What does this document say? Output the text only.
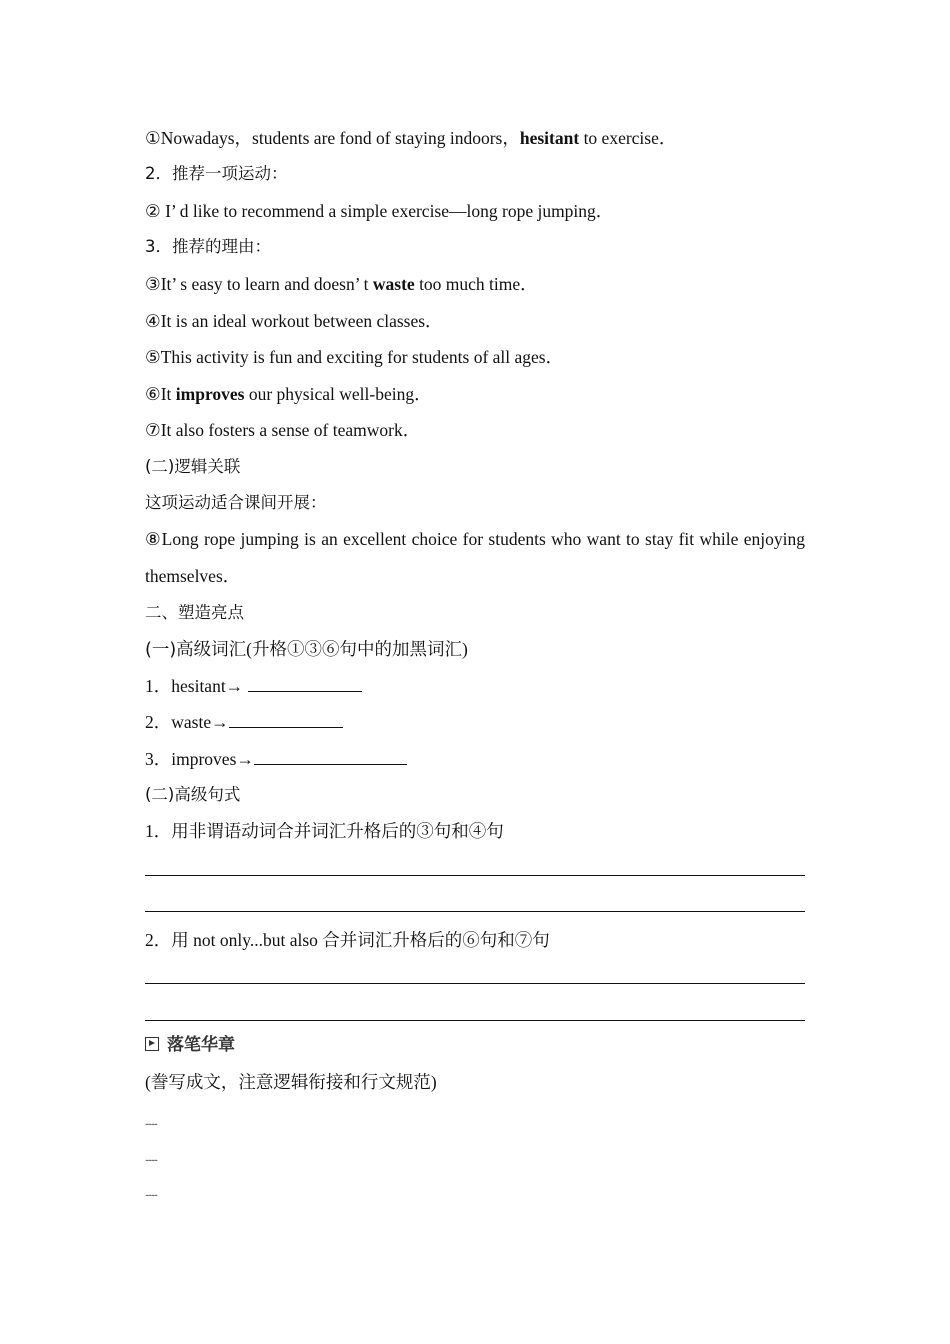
①Nowadays，students are fond of staying indoors，hesitant to exercise．
2．推荐一项运动：
② I’ d like to recommend a simple exercise—long rope jumping．
3．推荐的理由：
③It’ s easy to learn and doesn’ t waste too much time．
④It is an ideal workout between classes．
⑤This activity is fun and exciting for students of all ages．
⑥It improves our physical well-being．
⑦It also fosters a sense of teamwork．
(二)逻辑关联
这项运动适合课间开展：
⑧Long rope jumping is an excellent choice for students who want to stay fit while enjoying themselves．
二、塑造亮点
(一)高级词汇(升格①③⑥句中的加黑词汇)
1．hesitant→
2．waste→
3．improves→
(二)高级句式
1．用非谓语动词合并词汇升格后的③句和④句
2．用 not only...but also 合并词汇升格后的⑥句和⑦句
落笔华章
(誊写成文，注意逻辑衔接和行文规范)
........
........
........
